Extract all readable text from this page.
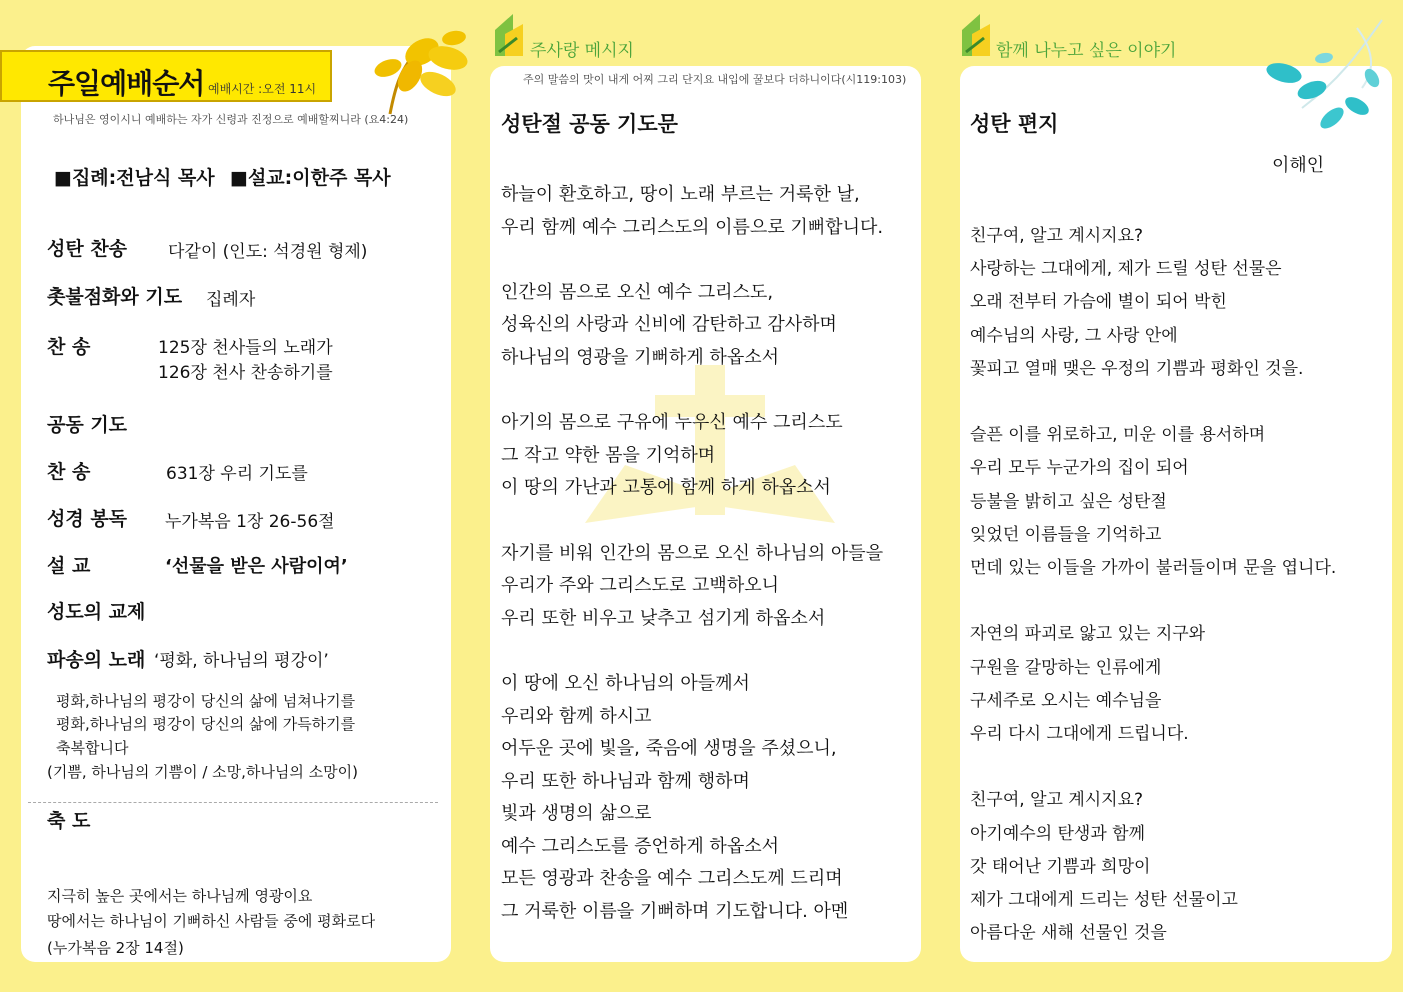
주일예배순서 예배시간 :오전 11시
하나님은 영이시니 예배하는 자가 신령과 진정으로 예배할찌니라 (요4:24)
■집례:전남식 목사 ■설교:이한주 목사
성탄 찬송 다같이 (인도: 석경원 형제)
촛불점화와 기도 집례자
찬 송	125장 천사들의 노래가
126장 천사 찬송하기를
공동 기도
찬 송	631장 우리 기도를
성경 봉독 누가복음 1장 26-56절
설 교	‘선물을 받은 사람이여’
성도의 교제
파송의 노래 ‘평화, 하나님의 평강이’
평화,하나님의 평강이 당신의 삶에 넘쳐나기를
평화,하나님의 평강이 당신의 삶에 가득하기를
축복합니다
(기쁨, 하나님의 기쁨이 / 소망,하나님의 소망이)
축 도
지극히 높은 곳에서는 하나님께 영광이요
땅에서는 하나님이 기뻐하신 사람들 중에 평화로다
(누가복음 2장 14절)
주사랑 메시지
주의 말씀의 맛이 내게 어찌 그리 단지요 내입에 꿀보다 더하니이다(시119:103)
성탄절 공동 기도문
하늘이 환호하고, 땅이 노래 부르는 거룩한 날,
우리 함께 예수 그리스도의 이름으로 기뻐합니다.

인간의 몸으로 오신 예수 그리스도,
성육신의 사랑과 신비에 감탄하고 감사하며
하나님의 영광을 기뻐하게 하옵소서

아기의 몸으로 구유에 누우신 예수 그리스도
그 작고 약한 몸을 기억하며
이 땅의 가난과 고통에 함께 하게 하옵소서

자기를 비워 인간의 몸으로 오신 하나님의 아들을
우리가 주와 그리스도로 고백하오니
우리 또한 비우고 낮추고 섬기게 하옵소서

이 땅에 오신 하나님의 아들께서
우리와 함께 하시고
어두운 곳에 빛을, 죽음에 생명을 주셨으니,
우리 또한 하나님과 함께 행하며
빛과 생명의 삶으로
예수 그리스도를 증언하게 하옵소서
모든 영광과 찬송을 예수 그리스도께 드리며
그 거룩한 이름을 기뻐하며 기도합니다. 아멘
함께 나누고 싶은 이야기
성탄 편지
이해인
친구여, 알고 계시지요?
사랑하는 그대에게, 제가 드릴 성탄 선물은
오래 전부터 가슴에 별이 되어 박힌
예수님의 사랑, 그 사랑 안에
꽃피고 열매 맺은 우정의 기쁨과 평화인 것을.

슬픈 이를 위로하고, 미운 이를 용서하며
우리 모두 누군가의 집이 되어
등불을 밝히고 싶은 성탄절
잊었던 이름들을 기억하고
먼데 있는 이들을 가까이 불러들이며 문을 엽니다.

자연의 파괴로 앓고 있는 지구와
구원을 갈망하는 인류에게
구세주로 오시는 예수님을
우리 다시 그대에게 드립니다.

친구여, 알고 계시지요?
아기예수의 탄생과 함께
갓 태어난 기쁨과 희망이
제가 그대에게 드리는 성탄 선물이고
아름다운 새해 선물인 것을
